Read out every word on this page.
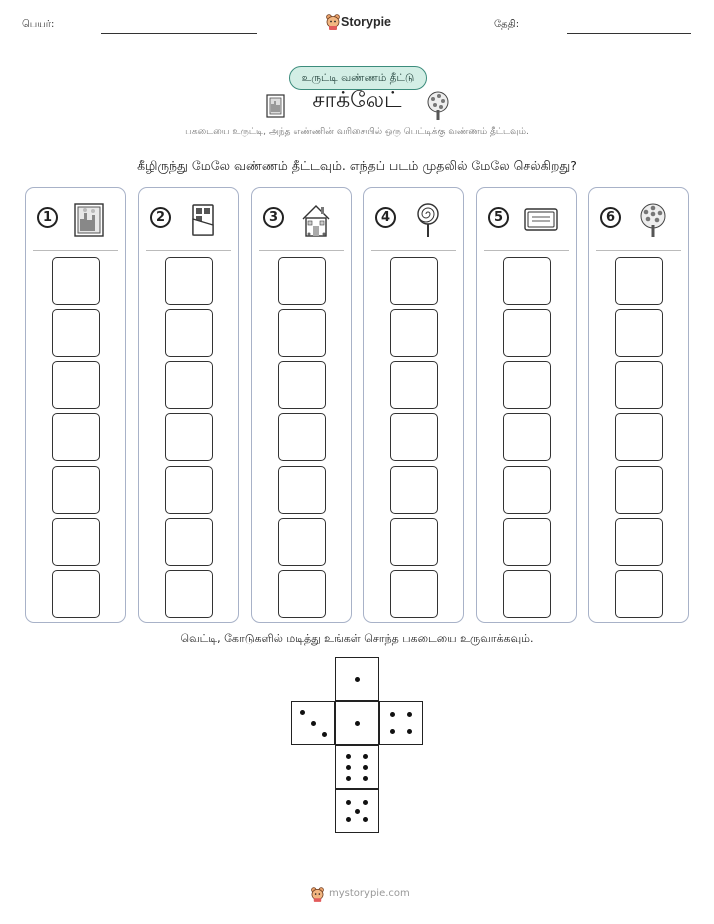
பெயர்:	Storypie	தேதி:
உருட்டி வண்ணம் தீட்டு
சாக்லேட்
பகடையை உருட்டி, அந்த எண்ணின் வரிசையில் ஒரு பெட்டிக்கு வண்ணம் தீட்டவும்.
கீழிருந்து மேலே வண்ணம் தீட்டவும். எந்தப் படம் முதலில் மேலே செல்கிறது?
1	2	3	4	5	6
வெட்டி, கோடுகளில் மடித்து உங்கள் சொந்த பகடையை உருவாக்கவும்.
mystorypie.com
